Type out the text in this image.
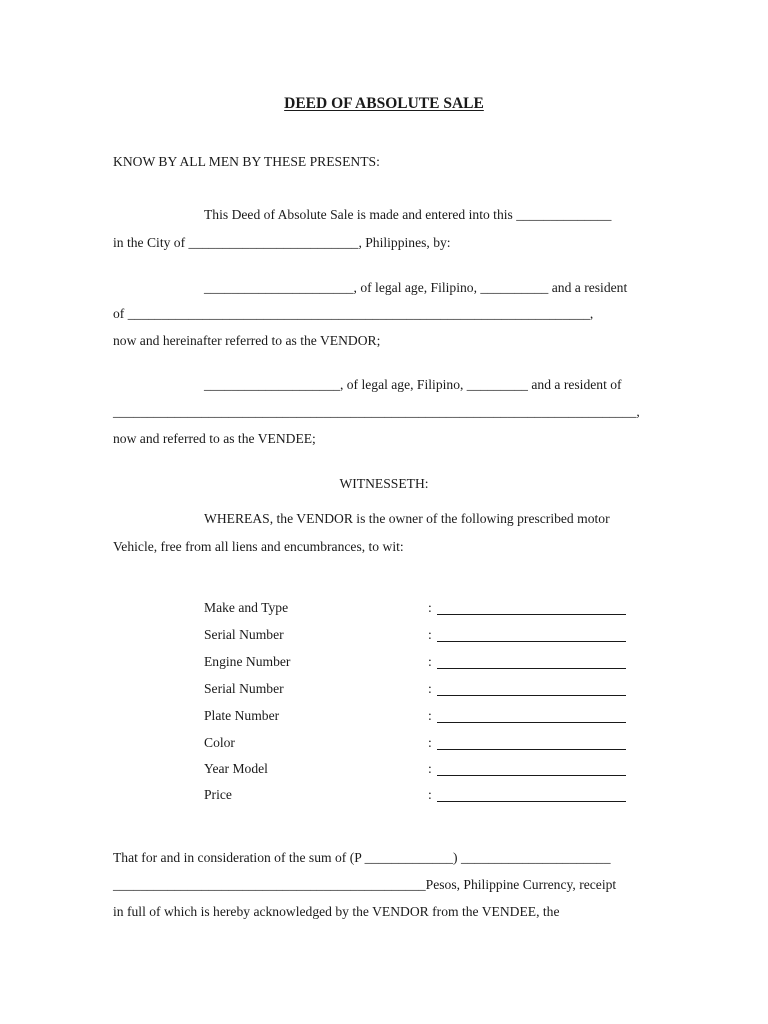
DEED OF ABSOLUTE SALE
KNOW BY ALL MEN BY THESE PRESENTS:
This Deed of Absolute Sale is made and entered into this ______________
in the City of _________________________, Philippines, by:
______________________, of legal age, Filipino, __________ and a resident
of ____________________________________________________________________,
now and hereinafter referred to as the VENDOR;
____________________, of legal age, Filipino, _________ and a resident of
_____________________________________________________________________________,
now and referred to as the VENDEE;
WITNESSETH:
WHEREAS, the VENDOR is the owner of the following prescribed motor
Vehicle, free from all liens and encumbrances, to wit:
Make and Type	:
Serial Number	:
Engine Number	:
Serial Number	:
Plate Number	:
Color	:
Year Model	:
Price	:
That for and in consideration of the sum of (P _____________) ______________________
______________________________________________Pesos, Philippine Currency, receipt
in full of which is hereby acknowledged by the VENDOR from the VENDEE, the
